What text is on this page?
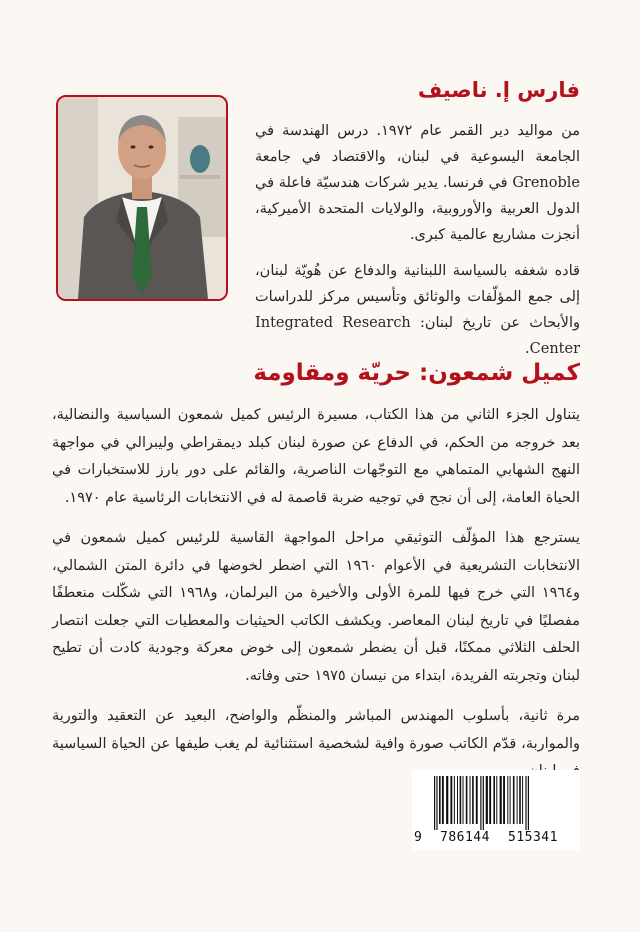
فارس إ. ناصيف

من مواليد دير القمر عام ١٩٧٢. درس الهندسة في الجامعة اليسوعية في لبنان، والاقتصاد في جامعة Grenoble في فرنسا. يدير شركات هندسيّة فاعلة في الدول العربية والأوروبية، والولايات المتحدة الأميركية، أنجزت مشاريع عالمية كبرى.

قاده شغفه بالسياسة اللبنانية والدفاع عن هُويّة لبنان، إلى جمع المؤلّفات والوثائق وتأسيس مركز للدراسات والأبحاث عن تاريخ لبنان: Integrated Research Center.

كميل شمعون: حريّة ومقاومة

يتناول الجزء الثاني من هذا الكتاب، مسيرة الرئيس كميل شمعون السياسية والنضالية، بعد خروجه من الحكم، في الدفاع عن صورة لبنان كبلد ديمقراطي وليبرالي في مواجهة النهج الشهابي المتماهي مع التوجّهات الناصرية، والقائم على دور بارز للاستخبارات في الحياة العامة، إلى أن نجح في توجيه ضربة قاصمة له في الانتخابات الرئاسية عام ١٩٧٠.

يسترجع هذا المؤلّف التوثيقي مراحل المواجهة القاسية للرئيس كميل شمعون في الانتخابات التشريعية في الأعوام ١٩٦٠ التي اضطر لخوضها في دائرة المتن الشمالي، و١٩٦٤ التي خرج فيها للمرة الأولى والأخيرة من البرلمان، و١٩٦٨ التي شكّلت منعطفًا مفصليًا في تاريخ لبنان المعاصر. ويكشف الكاتب الحيثيات والمعطيات التي جعلت انتصار الحلف الثلاثي ممكنًا، قبل أن يضطر شمعون إلى خوض معركة وجودية كادت أن تطيح لبنان وتجربته الفريدة، ابتداء من نيسان ١٩٧٥ حتى وفاته.

مرة ثانية، بأسلوب المهندس المباشر والمنظّم والواضح، البعيد عن التعقيد والتورية والمواربة، قدّم الكاتب صورة وافية لشخصية استثنائية لم يغب طيفها عن الحياة السياسية

9 786144 515341
